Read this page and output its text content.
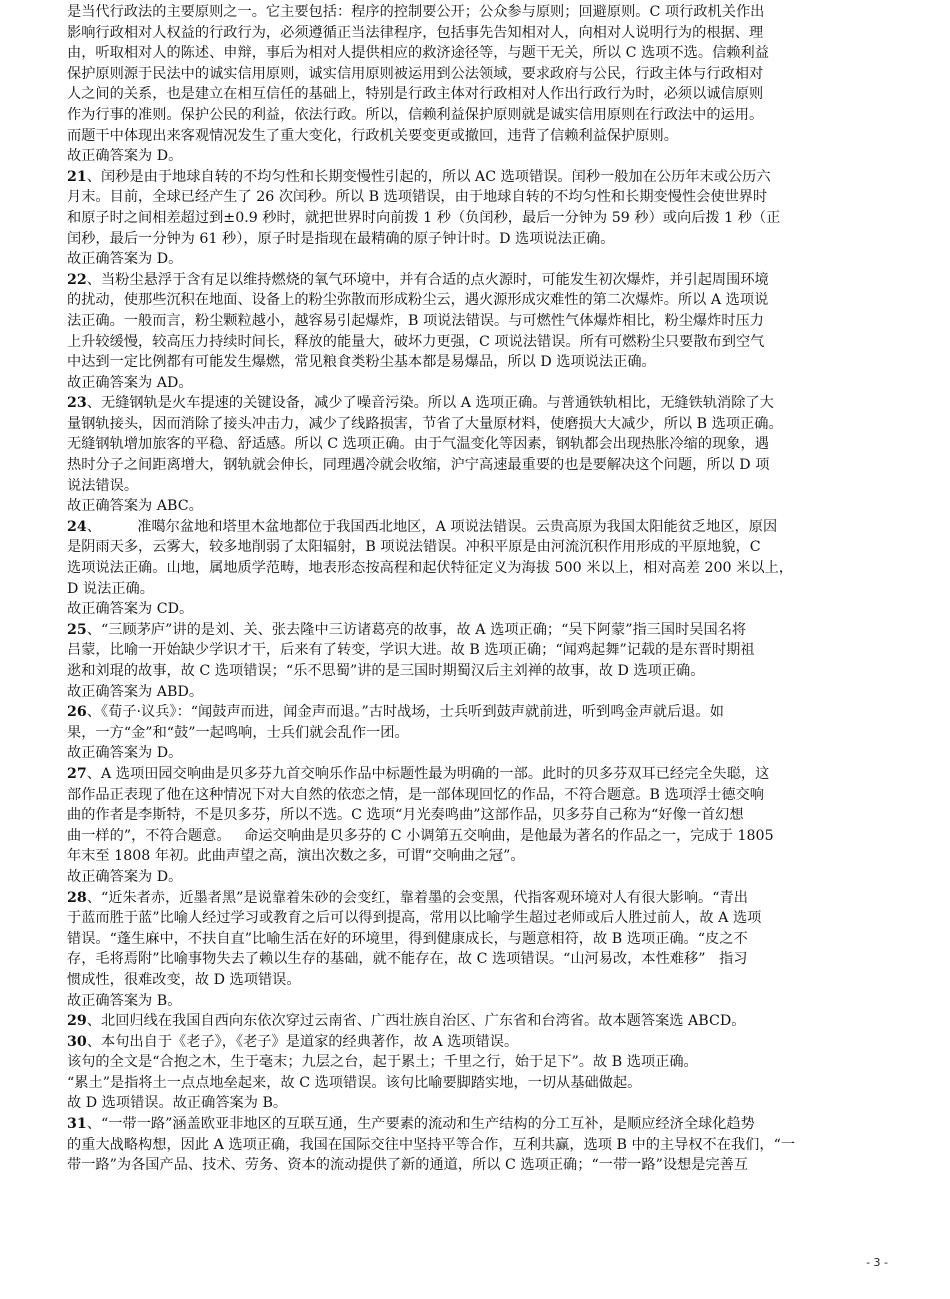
是当代行政法的主要原则之一。它主要包括：程序的控制要公开；公众参与原则；回避原则。C 项行政机关作出
影响行政相对人权益的行政行为，必须遵循正当法律程序，包括事先告知相对人，向相对人说明行为的根据、理
由，听取相对人的陈述、申辩，事后为相对人提供相应的救济途径等，与题干无关，所以 C 选项不选。信赖利益
保护原则源于民法中的诚实信用原则，诚实信用原则被运用到公法领域，要求政府与公民，行政主体与行政相对
人之间的关系，也是建立在相互信任的基础上，特别是行政主体对行政相对人作出行政行为时，必须以诚信原则
作为行事的准则。保护公民的利益，依法行政。所以，信赖利益保护原则就是诚实信用原则在行政法中的运用。
而题干中体现出来客观情况发生了重大变化，行政机关要变更或撤回，违背了信赖利益保护原则。
故正确答案为 D。
21、闰秒是由于地球自转的不均匀性和长期变慢性引起的，所以 AC 选项错误。闰秒一般加在公历年末或公历六
月末。目前，全球已经产生了 26 次闰秒。所以 B 选项错误，由于地球自转的不均匀性和长期变慢性会使世界时
和原子时之间相差超过到±0.9 秒时，就把世界时向前拨 1 秒（负闰秒，最后一分钟为 59 秒）或向后拨 1 秒（正
闰秒，最后一分钟为 61 秒），原子时是指现在最精确的原子钟计时。D 选项说法正确。
故正确答案为 D。
22、当粉尘悬浮于含有足以维持燃烧的氧气环境中，并有合适的点火源时，可能发生初次爆炸，并引起周围环境
的扰动，使那些沉积在地面、设备上的粉尘弥散而形成粉尘云，遇火源形成灾难性的第二次爆炸。所以 A 选项说
法正确。一般而言，粉尘颗粒越小，越容易引起爆炸，B 项说法错误。与可燃性气体爆炸相比，粉尘爆炸时压力
上升较缓慢，较高压力持续时间长，释放的能量大，破坏力更强，C 项说法错误。所有可燃粉尘只要散布到空气
中达到一定比例都有可能发生爆燃，常见粮食类粉尘基本都是易爆品，所以 D 选项说法正确。
故正确答案为 AD。
23、无缝钢轨是火车提速的关键设备，减少了噪音污染。所以 A 选项正确。与普通铁轨相比，无缝铁轨消除了大
量钢轨接头，因而消除了接头冲击力，减少了线路损害，节省了大量原材料，使磨损大大减少，所以 B 选项正确。
无缝钢轨增加旅客的平稳、舒适感。所以 C 选项正确。由于气温变化等因素，钢轨都会出现热胀冷缩的现象，遇
热时分子之间距离增大，钢轨就会伸长，同理遇冷就会收缩，沪宁高速最重要的也是要解决这个问题，所以 D 项
说法错误。
故正确答案为 ABC。
24、        准噶尔盆地和塔里木盆地都位于我国西北地区，A 项说法错误。云贵高原为我国太阳能贫乏地区，原因
是阴雨天多，云雾大，较多地削弱了太阳辐射，B 项说法错误。冲积平原是由河流沉积作用形成的平原地貌，C
选项说法正确。山地，属地质学范畴，地表形态按高程和起伏特征定义为海拔 500 米以上，相对高差 200 米以上，
D 说法正确。
故正确答案为 CD。
25、“三顾茅庐”讲的是刘、关、张去隆中三访诸葛亮的故事，故 A 选项正确；“吴下阿蒙”指三国时吴国名将
吕蒙，比喻一开始缺少学识才干，后来有了转变，学识大进。故 B 选项正确；“闻鸡起舞”记载的是东晋时期祖
逖和刘琨的故事，故 C 选项错误；“乐不思蜀”讲的是三国时期蜀汉后主刘禅的故事，故 D 选项正确。
故正确答案为 ABD。
26、《荀子·议兵》：“闻鼓声而进，闻金声而退。”古时战场，士兵听到鼓声就前进，听到鸣金声就后退。如
果，一方“金”和“鼓”一起鸣响，士兵们就会乱作一团。
故正确答案为 D。
27、A 选项田园交响曲是贝多芬九首交响乐作品中标题性最为明确的一部。此时的贝多芬双耳已经完全失聪，这
部作品正表现了他在这种情况下对大自然的依恋之情，是一部体现回忆的作品，不符合题意。B 选项浮士德交响
曲的作者是李斯特，不是贝多芬，所以不选。C 选项“月光奏鸣曲”这部作品，贝多芬自己称为“好像一首幻想
曲一样的”，不符合题意。   命运交响曲是贝多芬的 C 小调第五交响曲，是他最为著名的作品之一，完成于 1805
年末至 1808 年初。此曲声望之高，演出次数之多，可谓“交响曲之冠”。
故正确答案为 D。
28、“近朱者赤，近墨者黑”是说靠着朱砂的会变红，靠着墨的会变黑，代指客观环境对人有很大影响。“青出
于蓝而胜于蓝”比喻人经过学习或教育之后可以得到提高，常用以比喻学生超过老师或后人胜过前人，故 A 选项
错误。“蓬生麻中，不扶自直”比喻生活在好的环境里，得到健康成长，与题意相符，故 B 选项正确。“皮之不
存，毛将焉附”比喻事物失去了赖以生存的基础，就不能存在，故 C 选项错误。“山河易改，本性难移”   指习
惯成性，很难改变，故 D 选项错误。
故正确答案为 B。
29、北回归线在我国自西向东依次穿过云南省、广西壮族自治区、广东省和台湾省。故本题答案选 ABCD。
30、本句出自于《老子》，《老子》是道家的经典著作，故 A 选项错误。
该句的全文是“合抱之木，生于毫末；九层之台，起于累土；千里之行，始于足下”。故 B 选项正确。
“累土”是指将土一点点地垒起来，故 C 选项错误。该句比喻要脚踏实地，一切从基础做起。
故 D 选项错误。故正确答案为 B。
31、“一带一路”涵盖欧亚非地区的互联互通，生产要素的流动和生产结构的分工互补，是顺应经济全球化趋势
的重大战略构想，因此 A 选项正确，我国在国际交往中坚持平等合作，互利共赢，选项 B 中的主导权不在我们，“一
带一路”为各国产品、技术、劳务、资本的流动提供了新的通道，所以 C 选项正确；“一带一路”设想是完善互
- 3 -
